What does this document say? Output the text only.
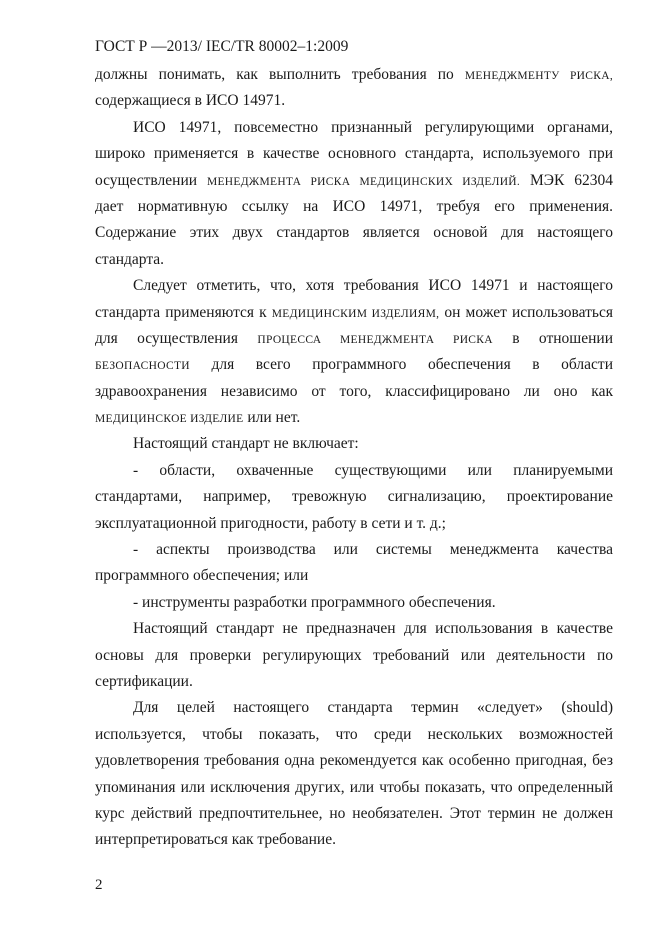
ГОСТ Р —2013/ IEC/TR 80002–1:2009
должны понимать, как выполнить требования по МЕНЕДЖМЕНТУ РИСКА,
содержащиеся в ИСО 14971.
ИСО 14971, повсеместно признанный регулирующими органами,
широко применяется в качестве основного стандарта, используемого при
осуществлении МЕНЕДЖМЕНТА РИСКА МЕДИЦИНСКИХ ИЗДЕЛИЙ. МЭК 62304
дает нормативную ссылку на ИСО 14971, требуя его применения.
Содержание этих двух стандартов является основой для настоящего
стандарта.
Следует отметить, что, хотя требования ИСО 14971 и настоящего
стандарта применяются к МЕДИЦИНСКИМ ИЗДЕЛИЯМ, он может использоваться
для осуществления ПРОЦЕССА МЕНЕДЖМЕНТА РИСКА в отношении
БЕЗОПАСНОСТИ для всего программного обеспечения в области
здравоохранения независимо от того, классифицировано ли оно как
МЕДИЦИНСКОЕ ИЗДЕЛИЕ или нет.
Настоящий стандарт не включает:
- области, охваченные существующими или планируемыми
стандартами, например, тревожную сигнализацию, проектирование
эксплуатационной пригодности, работу в сети и т. д.;
- аспекты производства или системы менеджмента качества
программного обеспечения; или
- инструменты разработки программного обеспечения.
Настоящий стандарт не предназначен для использования в качестве
основы для проверки регулирующих требований или деятельности по
сертификации.
Для целей настоящего стандарта термин «следует» (should)
используется, чтобы показать, что среди нескольких возможностей
удовлетворения требования одна рекомендуется как особенно пригодная, без
упоминания или исключения других, или чтобы показать, что определенный
курс действий предпочтительнее, но необязателен. Этот термин не должен
интерпретироваться как требование.
2
